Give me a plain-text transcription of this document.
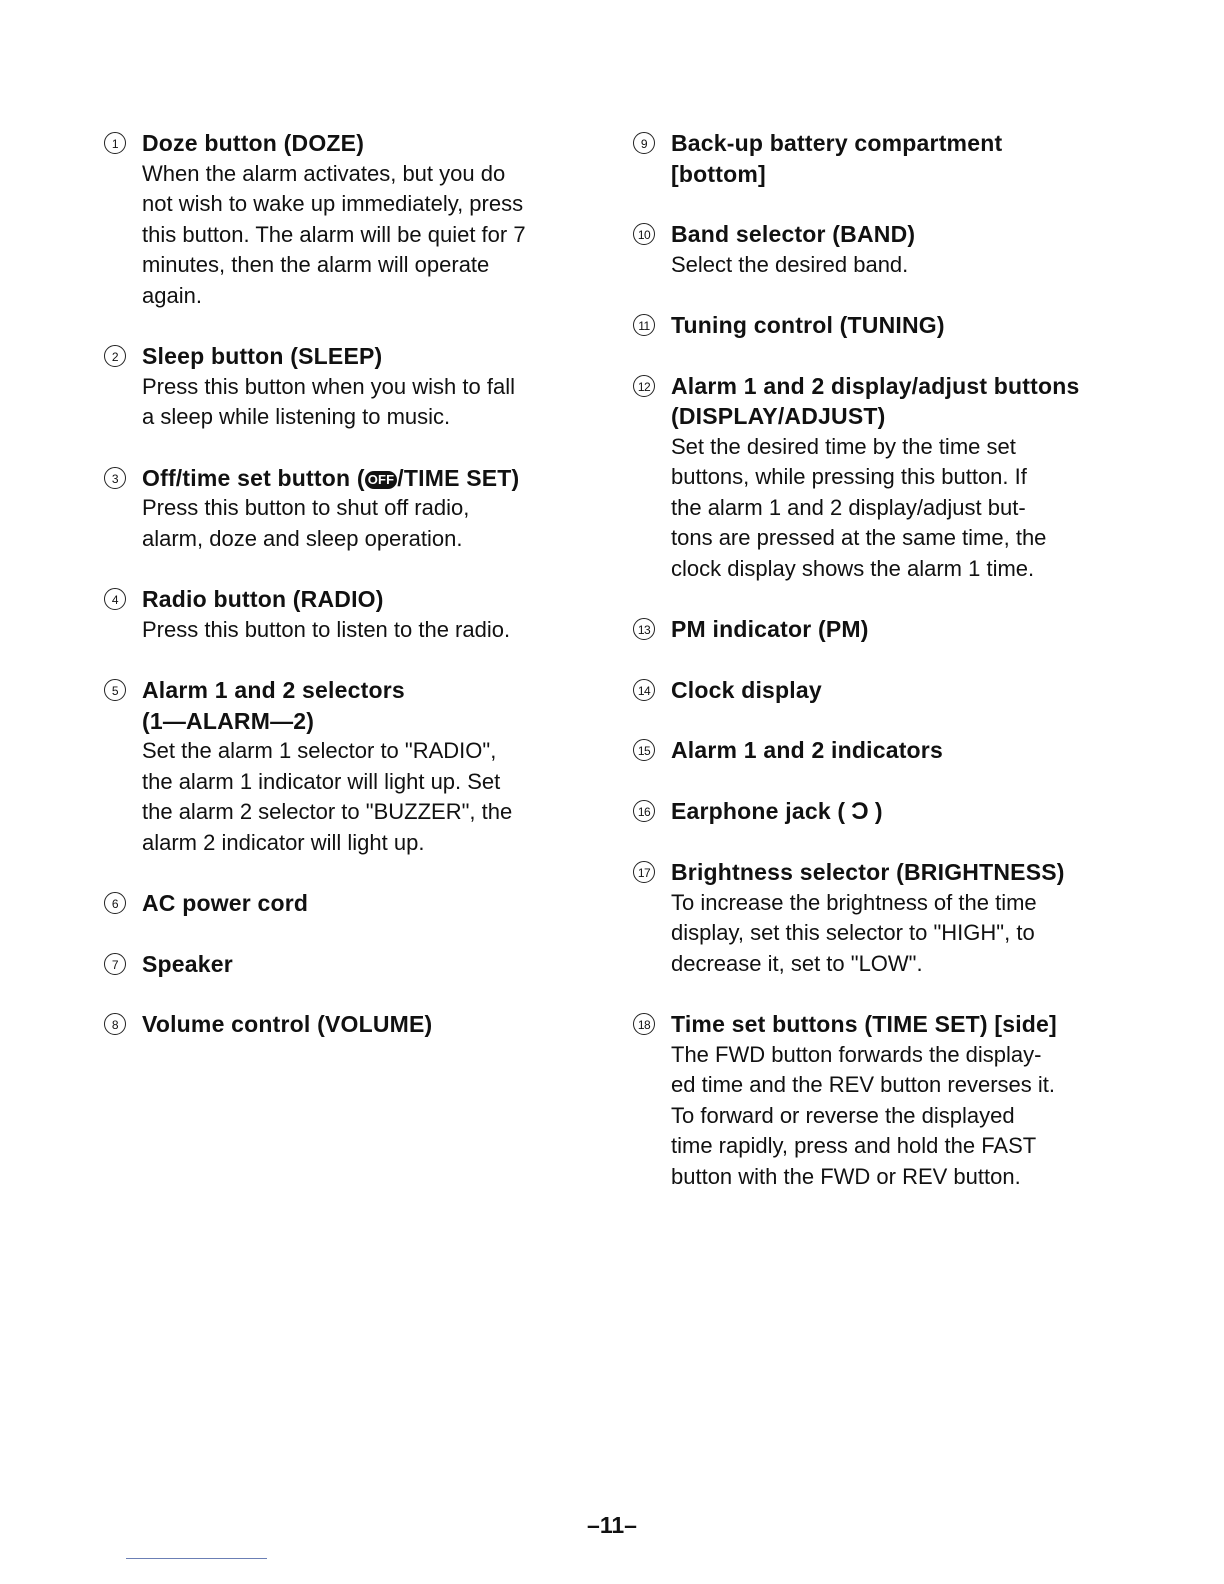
1	Doze button (DOZE)
When the alarm activates, but you do
not wish to wake up immediately, press
this button. The alarm will be quiet for 7
minutes, then the alarm will operate
again.
2	Sleep button (SLEEP)
Press this button when you wish to fall
a sleep while listening to music.
3	Off/time set button ( OFF /TIME SET)
Press this button to shut off radio,
alarm, doze and sleep operation.
4	Radio button (RADIO)
Press this button to listen to the radio.
5	Alarm 1 and 2 selectors
(1—ALARM—2)
Set the alarm 1 selector to "RADIO",
the alarm 1 indicator will light up. Set
the alarm 2 selector to "BUZZER", the
alarm 2 indicator will light up.
6	AC power cord
7	Speaker
8	Volume control (VOLUME)
9	Back-up battery compartment
[bottom]
10 Band selector (BAND)
Select the desired band.
11 Tuning control (TUNING)
12 Alarm 1 and 2 display/adjust buttons
(DISPLAY/ADJUST)
Set the desired time by the time set
buttons, while pressing this button. If
the alarm 1 and 2 display/adjust but-
tons are pressed at the same time, the
clock display shows the alarm 1 time.
13 PM indicator (PM)
14 Clock display
15 Alarm 1 and 2 indicators
16 Earphone jack ( Ɔ )
17 Brightness selector (BRIGHTNESS)
To increase the brightness of the time
display, set this selector to "HIGH", to
decrease it, set to "LOW".
18 Time set buttons (TIME SET) [side]
The FWD button forwards the display-
ed time and the REV button reverses it.
To forward or reverse the displayed
time rapidly, press and hold the FAST
button with the FWD or REV button.
–11–
